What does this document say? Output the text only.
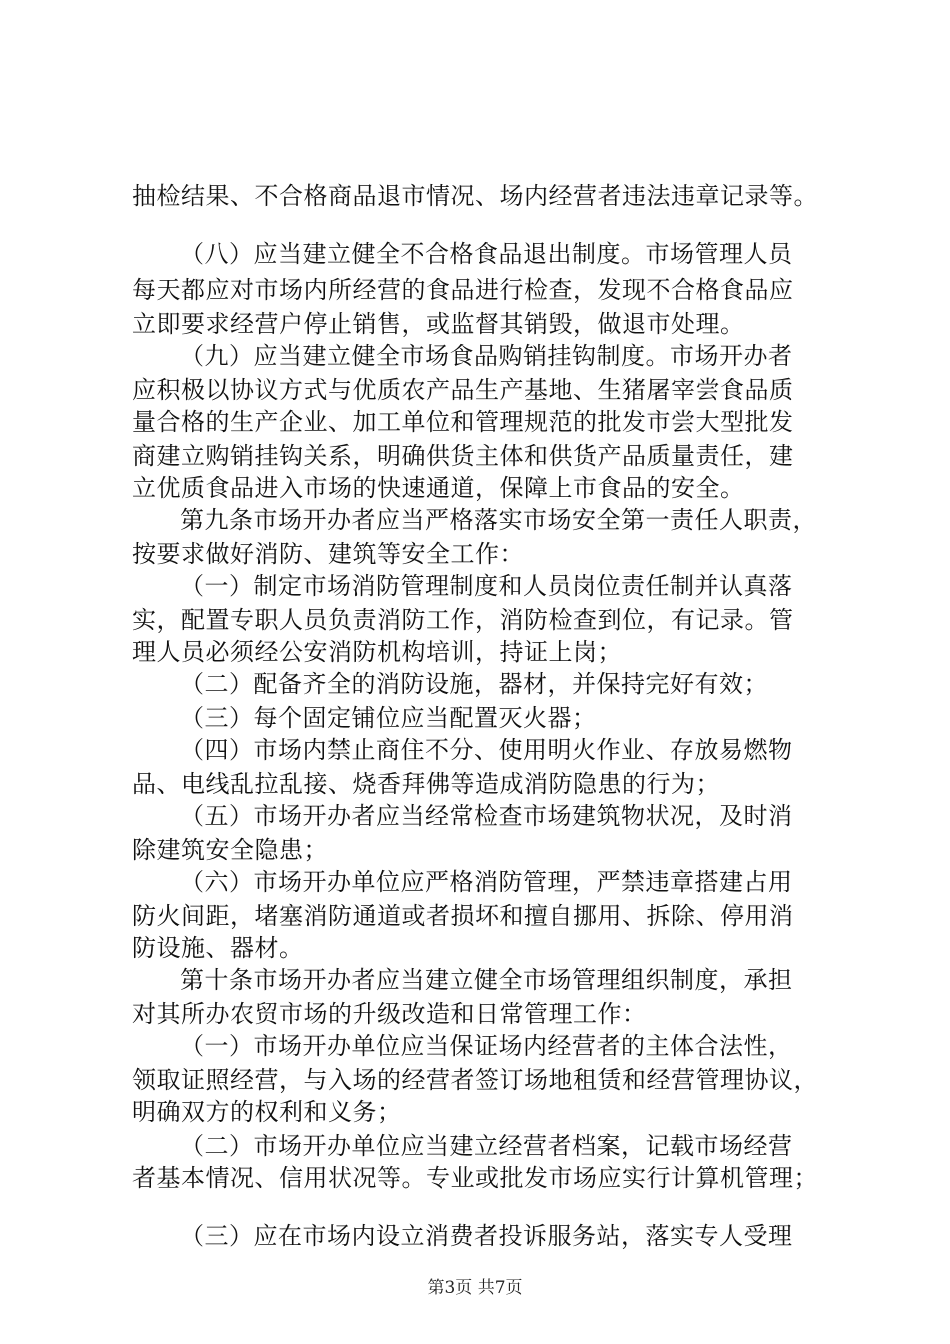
抽检结果、不合格商品退市情况、场内经营者违法违章记录等。
（八）应当建立健全不合格食品退出制度。市场管理人员
每天都应对市场内所经营的食品进行检查，发现不合格食品应
立即要求经营户停止销售，或监督其销毁，做退市处理。
（九）应当建立健全市场食品购销挂钩制度。市场开办者
应积极以协议方式与优质农产品生产基地、生猪屠宰尝食品质
量合格的生产企业、加工单位和管理规范的批发市尝大型批发
商建立购销挂钩关系，明确供货主体和供货产品质量责任，建
立优质食品进入市场的快速通道，保障上市食品的安全。
第九条市场开办者应当严格落实市场安全第一责任人职责，
按要求做好消防、建筑等安全工作：
（一）制定市场消防管理制度和人员岗位责任制并认真落
实，配置专职人员负责消防工作，消防检查到位，有记录。管
理人员必须经公安消防机构培训，持证上岗；
（二）配备齐全的消防设施，器材，并保持完好有效；
（三）每个固定铺位应当配置灭火器；
（四）市场内禁止商住不分、使用明火作业、存放易燃物
品、电线乱拉乱接、烧香拜佛等造成消防隐患的行为；
（五）市场开办者应当经常检查市场建筑物状况，及时消
除建筑安全隐患；
（六）市场开办单位应严格消防管理，严禁违章搭建占用
防火间距，堵塞消防通道或者损坏和擅自挪用、拆除、停用消
防设施、器材。
第十条市场开办者应当建立健全市场管理组织制度，承担
对其所办农贸市场的升级改造和日常管理工作：
（一）市场开办单位应当保证场内经营者的主体合法性，
领取证照经营，与入场的经营者签订场地租赁和经营管理协议，
明确双方的权利和义务；
（二）市场开办单位应当建立经营者档案，记载市场经营
者基本情况、信用状况等。专业或批发市场应实行计算机管理；
（三）应在市场内设立消费者投诉服务站，落实专人受理
第3页 共7页
